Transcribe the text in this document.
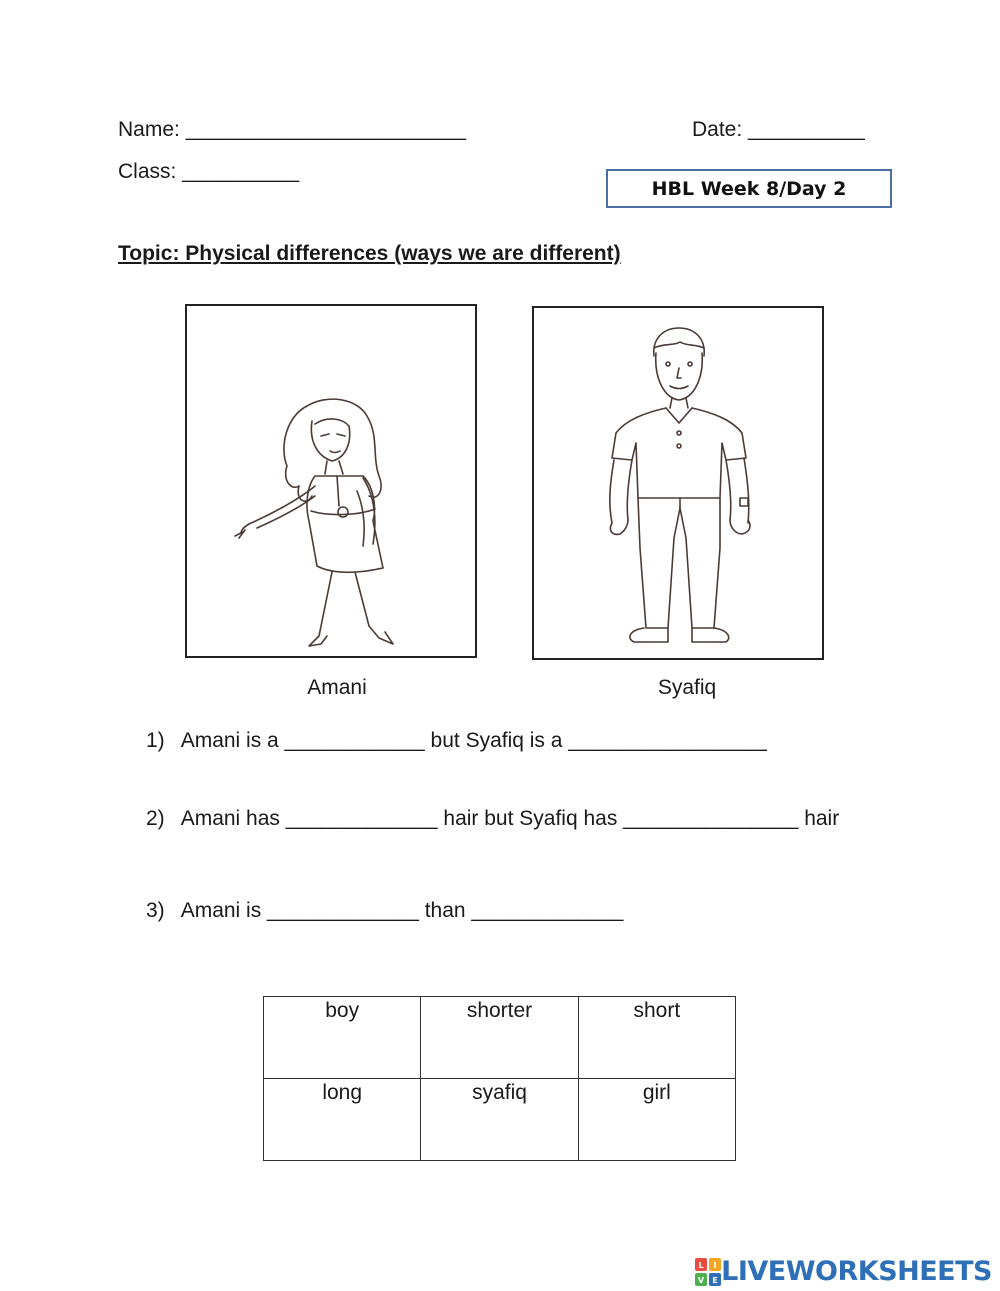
Name: ________________________	Date: __________
Class: __________
HBL Week 8/Day 2
Topic: Physical differences (ways we are different)
Amani	Syafiq
1) Amani is a ____________ but Syafiq is a _________________
2) Amani has _____________ hair but Syafiq has _______________ hair
3) Amani is _____________ than _____________
boy	shorter	short
long	syafiq	girl
L I
V E LIVEWORKSHEETS
